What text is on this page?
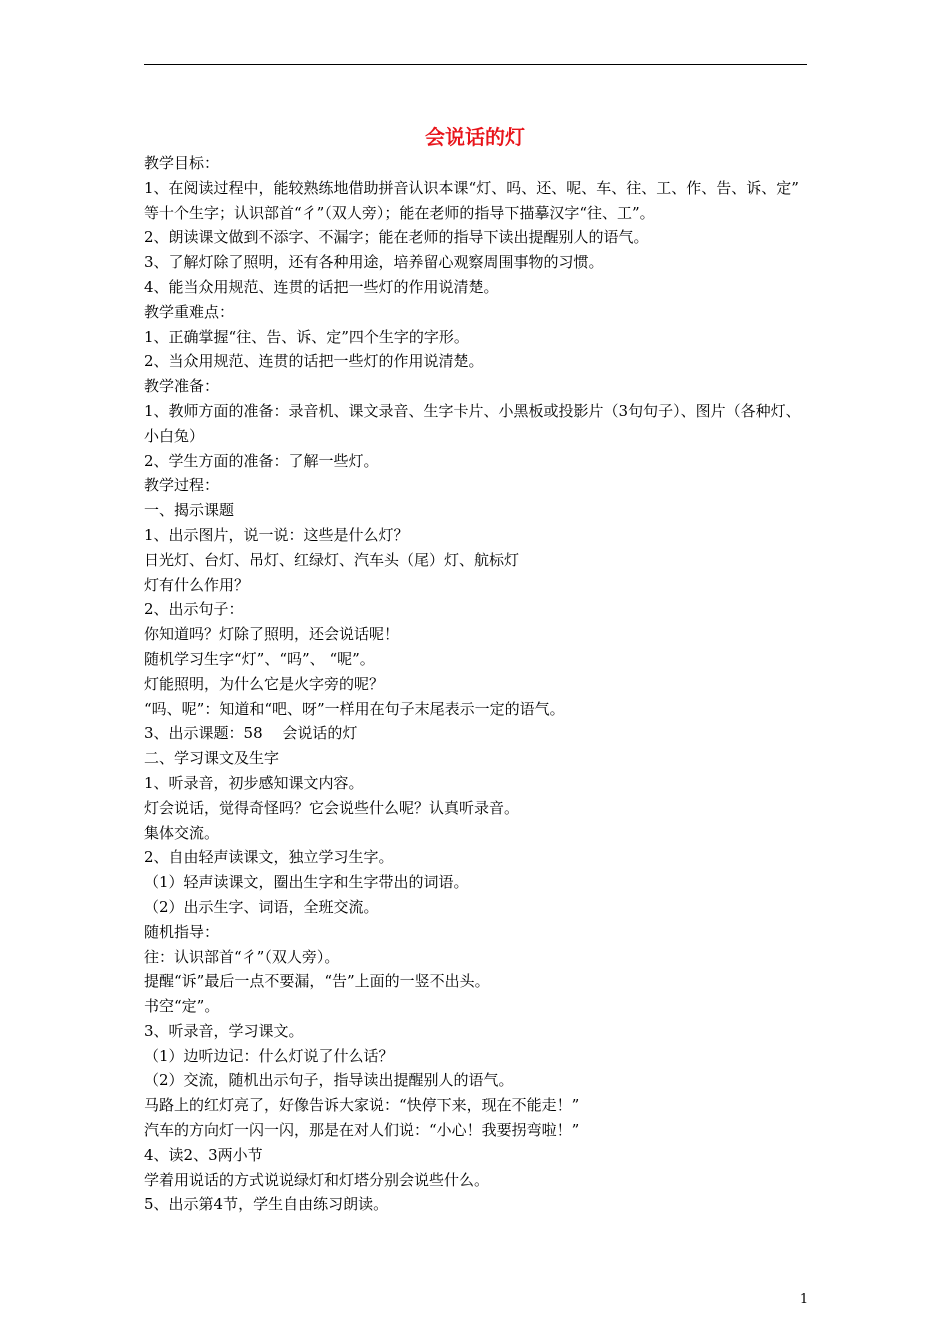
会说话的灯
教学目标：
1、在阅读过程中，能较熟练地借助拼音认识本课“灯、吗、还、呢、车、往、工、作、告、诉、定”
等十个生字；认识部首“彳”（双人旁）；能在老师的指导下描摹汉字“往、工”。
2、朗读课文做到不添字、不漏字；能在老师的指导下读出提醒别人的语气。
3、了解灯除了照明，还有各种用途，培养留心观察周围事物的习惯。
4、能当众用规范、连贯的话把一些灯的作用说清楚。
教学重难点：
1、正确掌握“往、告、诉、定”四个生字的字形。
2、当众用规范、连贯的话把一些灯的作用说清楚。
教学准备：
1、教师方面的准备：录音机、课文录音、生字卡片、小黑板或投影片（3句句子）、图片（各种灯、
小白兔）
2、学生方面的准备：了解一些灯。
教学过程：
一、揭示课题
1、出示图片，说一说：这些是什么灯？
日光灯、台灯、吊灯、红绿灯、汽车头（尾）灯、航标灯
灯有什么作用？
2、出示句子：
你知道吗？灯除了照明，还会说话呢！
随机学习生字“灯”、“吗”、 “呢”。
灯能照明，为什么它是火字旁的呢？
“吗、呢”：知道和“吧、呀”一样用在句子末尾表示一定的语气。
3、出示课题：58　 会说话的灯
二、学习课文及生字
1、听录音，初步感知课文内容。
灯会说话，觉得奇怪吗？它会说些什么呢？认真听录音。
集体交流。
2、自由轻声读课文，独立学习生字。
（1）轻声读课文，圈出生字和生字带出的词语。
（2）出示生字、词语，全班交流。
随机指导：
往：认识部首“彳”（双人旁）。
提醒“诉”最后一点不要漏，“告”上面的一竖不出头。
书空“定”。
3、听录音，学习课文。
（1）边听边记：什么灯说了什么话？
（2）交流，随机出示句子，指导读出提醒别人的语气。
马路上的红灯亮了，好像告诉大家说：“快停下来，现在不能走！”
汽车的方向灯一闪一闪，那是在对人们说：“小心！我要拐弯啦！”
4、读2、3两小节
学着用说话的方式说说绿灯和灯塔分别会说些什么。
5、出示第4节，学生自由练习朗读。
1
